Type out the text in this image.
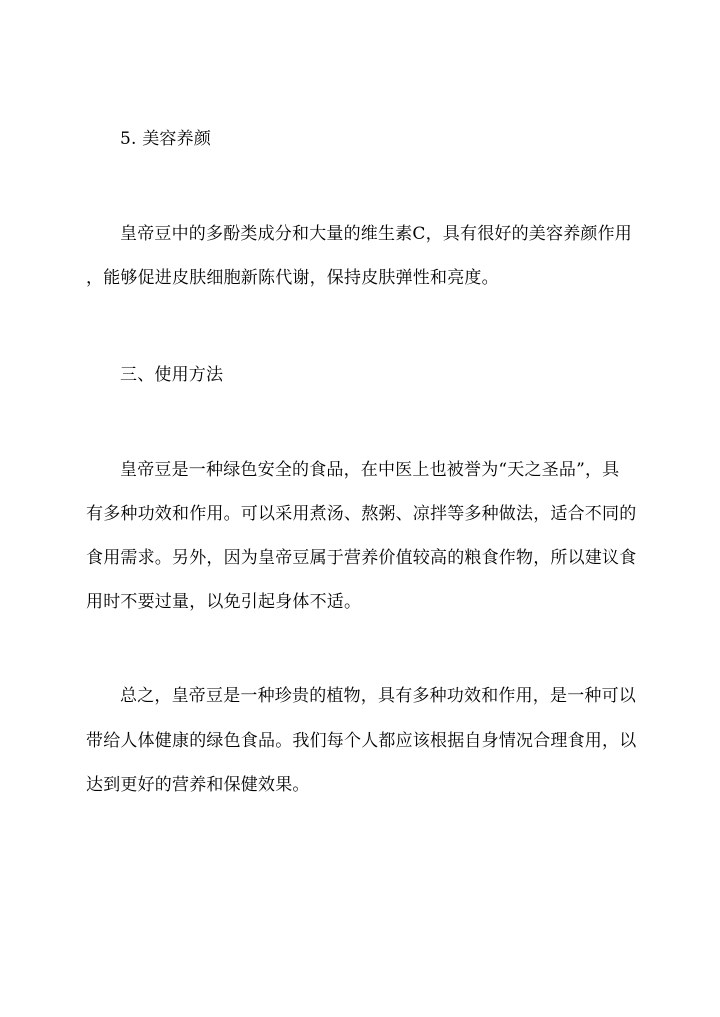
5. 美容养颜
皇帝豆中的多酚类成分和大量的维生素C，具有很好的美容养颜作用
，能够促进皮肤细胞新陈代谢，保持皮肤弹性和亮度。
三、使用方法
皇帝豆是一种绿色安全的食品，在中医上也被誉为“天之圣品”，具
有多种功效和作用。可以采用煮汤、熬粥、凉拌等多种做法，适合不同的
食用需求。另外，因为皇帝豆属于营养价值较高的粮食作物，所以建议食
用时不要过量，以免引起身体不适。
总之，皇帝豆是一种珍贵的植物，具有多种功效和作用，是一种可以
带给人体健康的绿色食品。我们每个人都应该根据自身情况合理食用，以
达到更好的营养和保健效果。
